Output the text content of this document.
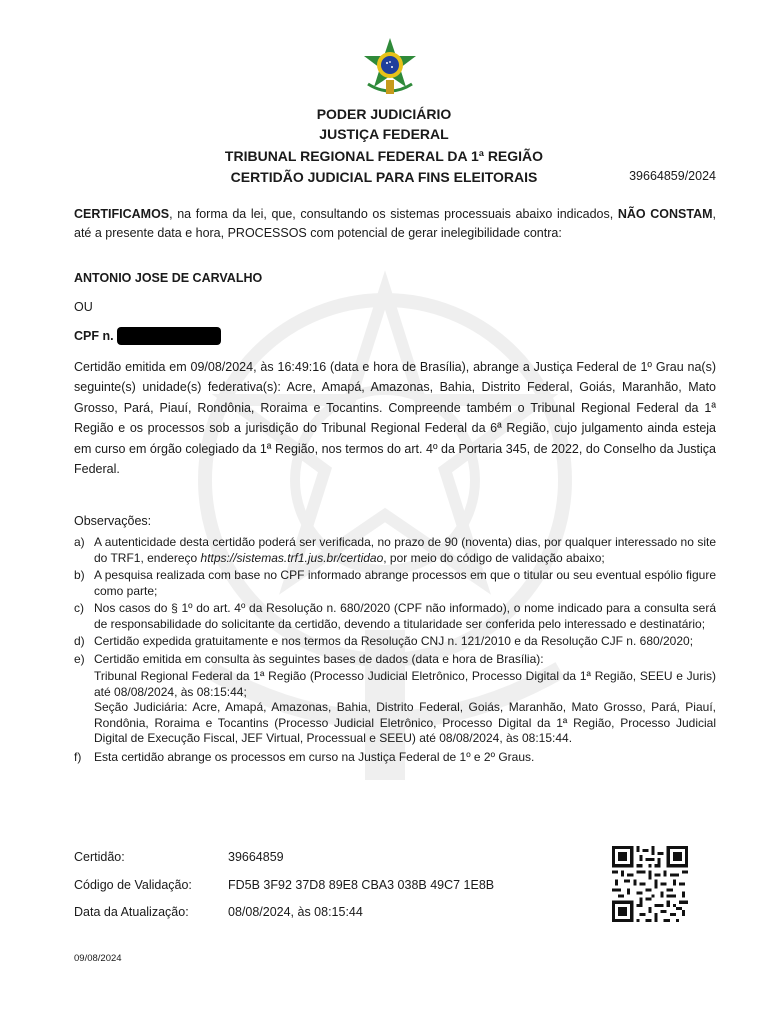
PODER JUDICIÁRIO
JUSTIÇA FEDERAL
TRIBUNAL REGIONAL FEDERAL DA 1ª REGIÃO
CERTIDÃO JUDICIAL PARA FINS ELEITORAIS	39664859/2024
CERTIFICAMOS, na forma da lei, que, consultando os sistemas processuais abaixo indicados, NÃO CONSTAM, até a presente data e hora, PROCESSOS com potencial de gerar inelegibilidade contra:
ANTONIO JOSE DE CARVALHO
OU
CPF n.
Certidão emitida em 09/08/2024, às 16:49:16 (data e hora de Brasília), abrange a Justiça Federal de 1º Grau na(s) seguinte(s) unidade(s) federativa(s): Acre, Amapá, Amazonas, Bahia, Distrito Federal, Goiás, Maranhão, Mato Grosso, Pará, Piauí, Rondônia, Roraima e Tocantins. Compreende também o Tribunal Regional Federal da 1ª Região e os processos sob a jurisdição do Tribunal Regional Federal da 6ª Região, cujo julgamento ainda esteja em curso em órgão colegiado da 1ª Região, nos termos do art. 4º da Portaria 345, de 2022, do Conselho da Justiça Federal.
Observações:
a) A autenticidade desta certidão poderá ser verificada, no prazo de 90 (noventa) dias, por qualquer interessado no site do TRF1, endereço https://sistemas.trf1.jus.br/certidao, por meio do código de validação abaixo;
b) A pesquisa realizada com base no CPF informado abrange processos em que o titular ou seu eventual espólio figure como parte;
c) Nos casos do § 1º do art. 4º da Resolução n. 680/2020 (CPF não informado), o nome indicado para a consulta será de responsabilidade do solicitante da certidão, devendo a titularidade ser conferida pelo interessado e destinatário;
d) Certidão expedida gratuitamente e nos termos da Resolução CNJ n. 121/2010 e da Resolução CJF n. 680/2020;
e) Certidão emitida em consulta às seguintes bases de dados (data e hora de Brasília):
Tribunal Regional Federal da 1ª Região (Processo Judicial Eletrônico, Processo Digital da 1ª Região, SEEU e Juris) até 08/08/2024, às 08:15:44;
Seção Judiciária: Acre, Amapá, Amazonas, Bahia, Distrito Federal, Goiás, Maranhão, Mato Grosso, Pará, Piauí, Rondônia, Roraima e Tocantins (Processo Judicial Eletrônico, Processo Digital da 1ª Região, Processo Judicial Digital de Execução Fiscal, JEF Virtual, Processual e SEEU) até 08/08/2024, às 08:15:44.
f)	Esta certidão abrange os processos em curso na Justiça Federal de 1º e 2º Graus.
Certidão:	39664859
Código de Validação:	FD5B 3F92 37D8 89E8 CBA3 038B 49C7 1E8B
Data da Atualização:	08/08/2024, às 08:15:44
09/08/2024
